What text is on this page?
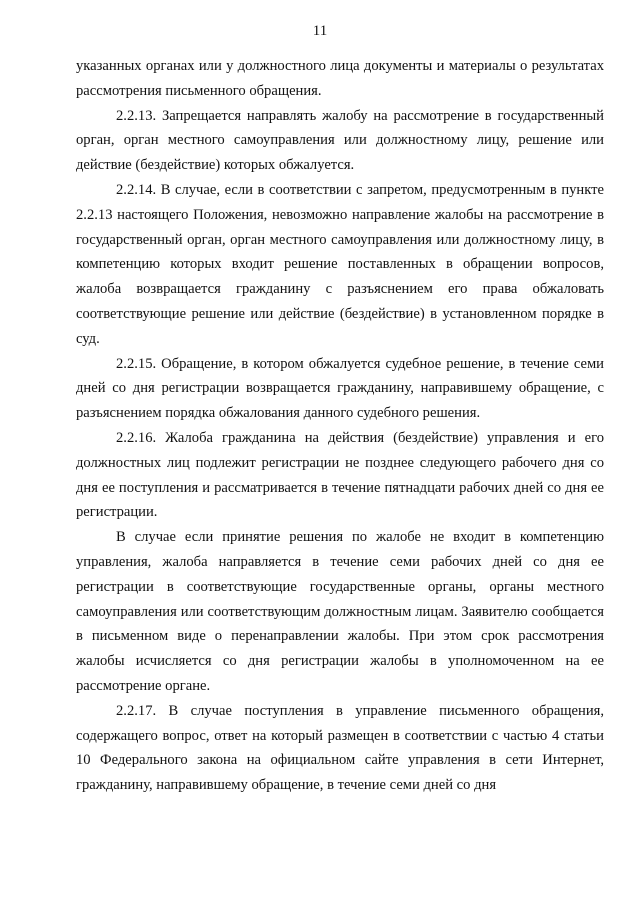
11

указанных органах или у должностного лица документы и материалы о результатах рассмотрения письменного обращения.

2.2.13. Запрещается направлять жалобу на рассмотрение в государственный орган, орган местного самоуправления или должностному лицу, решение или действие (бездействие) которых обжалуется.

2.2.14. В случае, если в соответствии с запретом, предусмотренным в пункте 2.2.13 настоящего Положения, невозможно направление жалобы на рассмотрение в государственный орган, орган местного самоуправления или должностному лицу, в компетенцию которых входит решение поставленных в обращении вопросов, жалоба возвращается гражданину с разъяснением его права обжаловать соответствующие решение или действие (бездействие) в установленном порядке в суд.

2.2.15. Обращение, в котором обжалуется судебное решение, в течение семи дней со дня регистрации возвращается гражданину, направившему обращение, с разъяснением порядка обжалования данного судебного решения.

2.2.16. Жалоба гражданина на действия (бездействие) управления и его должностных лиц подлежит регистрации не позднее следующего рабочего дня со дня ее поступления и рассматривается в течение пятнадцати рабочих дней со дня ее регистрации.

В случае если принятие решения по жалобе не входит в компетенцию управления, жалоба направляется в течение семи рабочих дней со дня ее регистрации в соответствующие государственные органы, органы местного самоуправления или соответствующим должностным лицам. Заявителю сообщается в письменном виде о перенаправлении жалобы. При этом срок рассмотрения жалобы исчисляется со дня регистрации жалобы в уполномоченном на ее рассмотрение органе.

2.2.17. В случае поступления в управление письменного обращения, содержащего вопрос, ответ на который размещен в соответствии с частью 4 статьи 10 Федерального закона на официальном сайте управления в сети Интернет, гражданину, направившему обращение, в течение семи дней со дня
